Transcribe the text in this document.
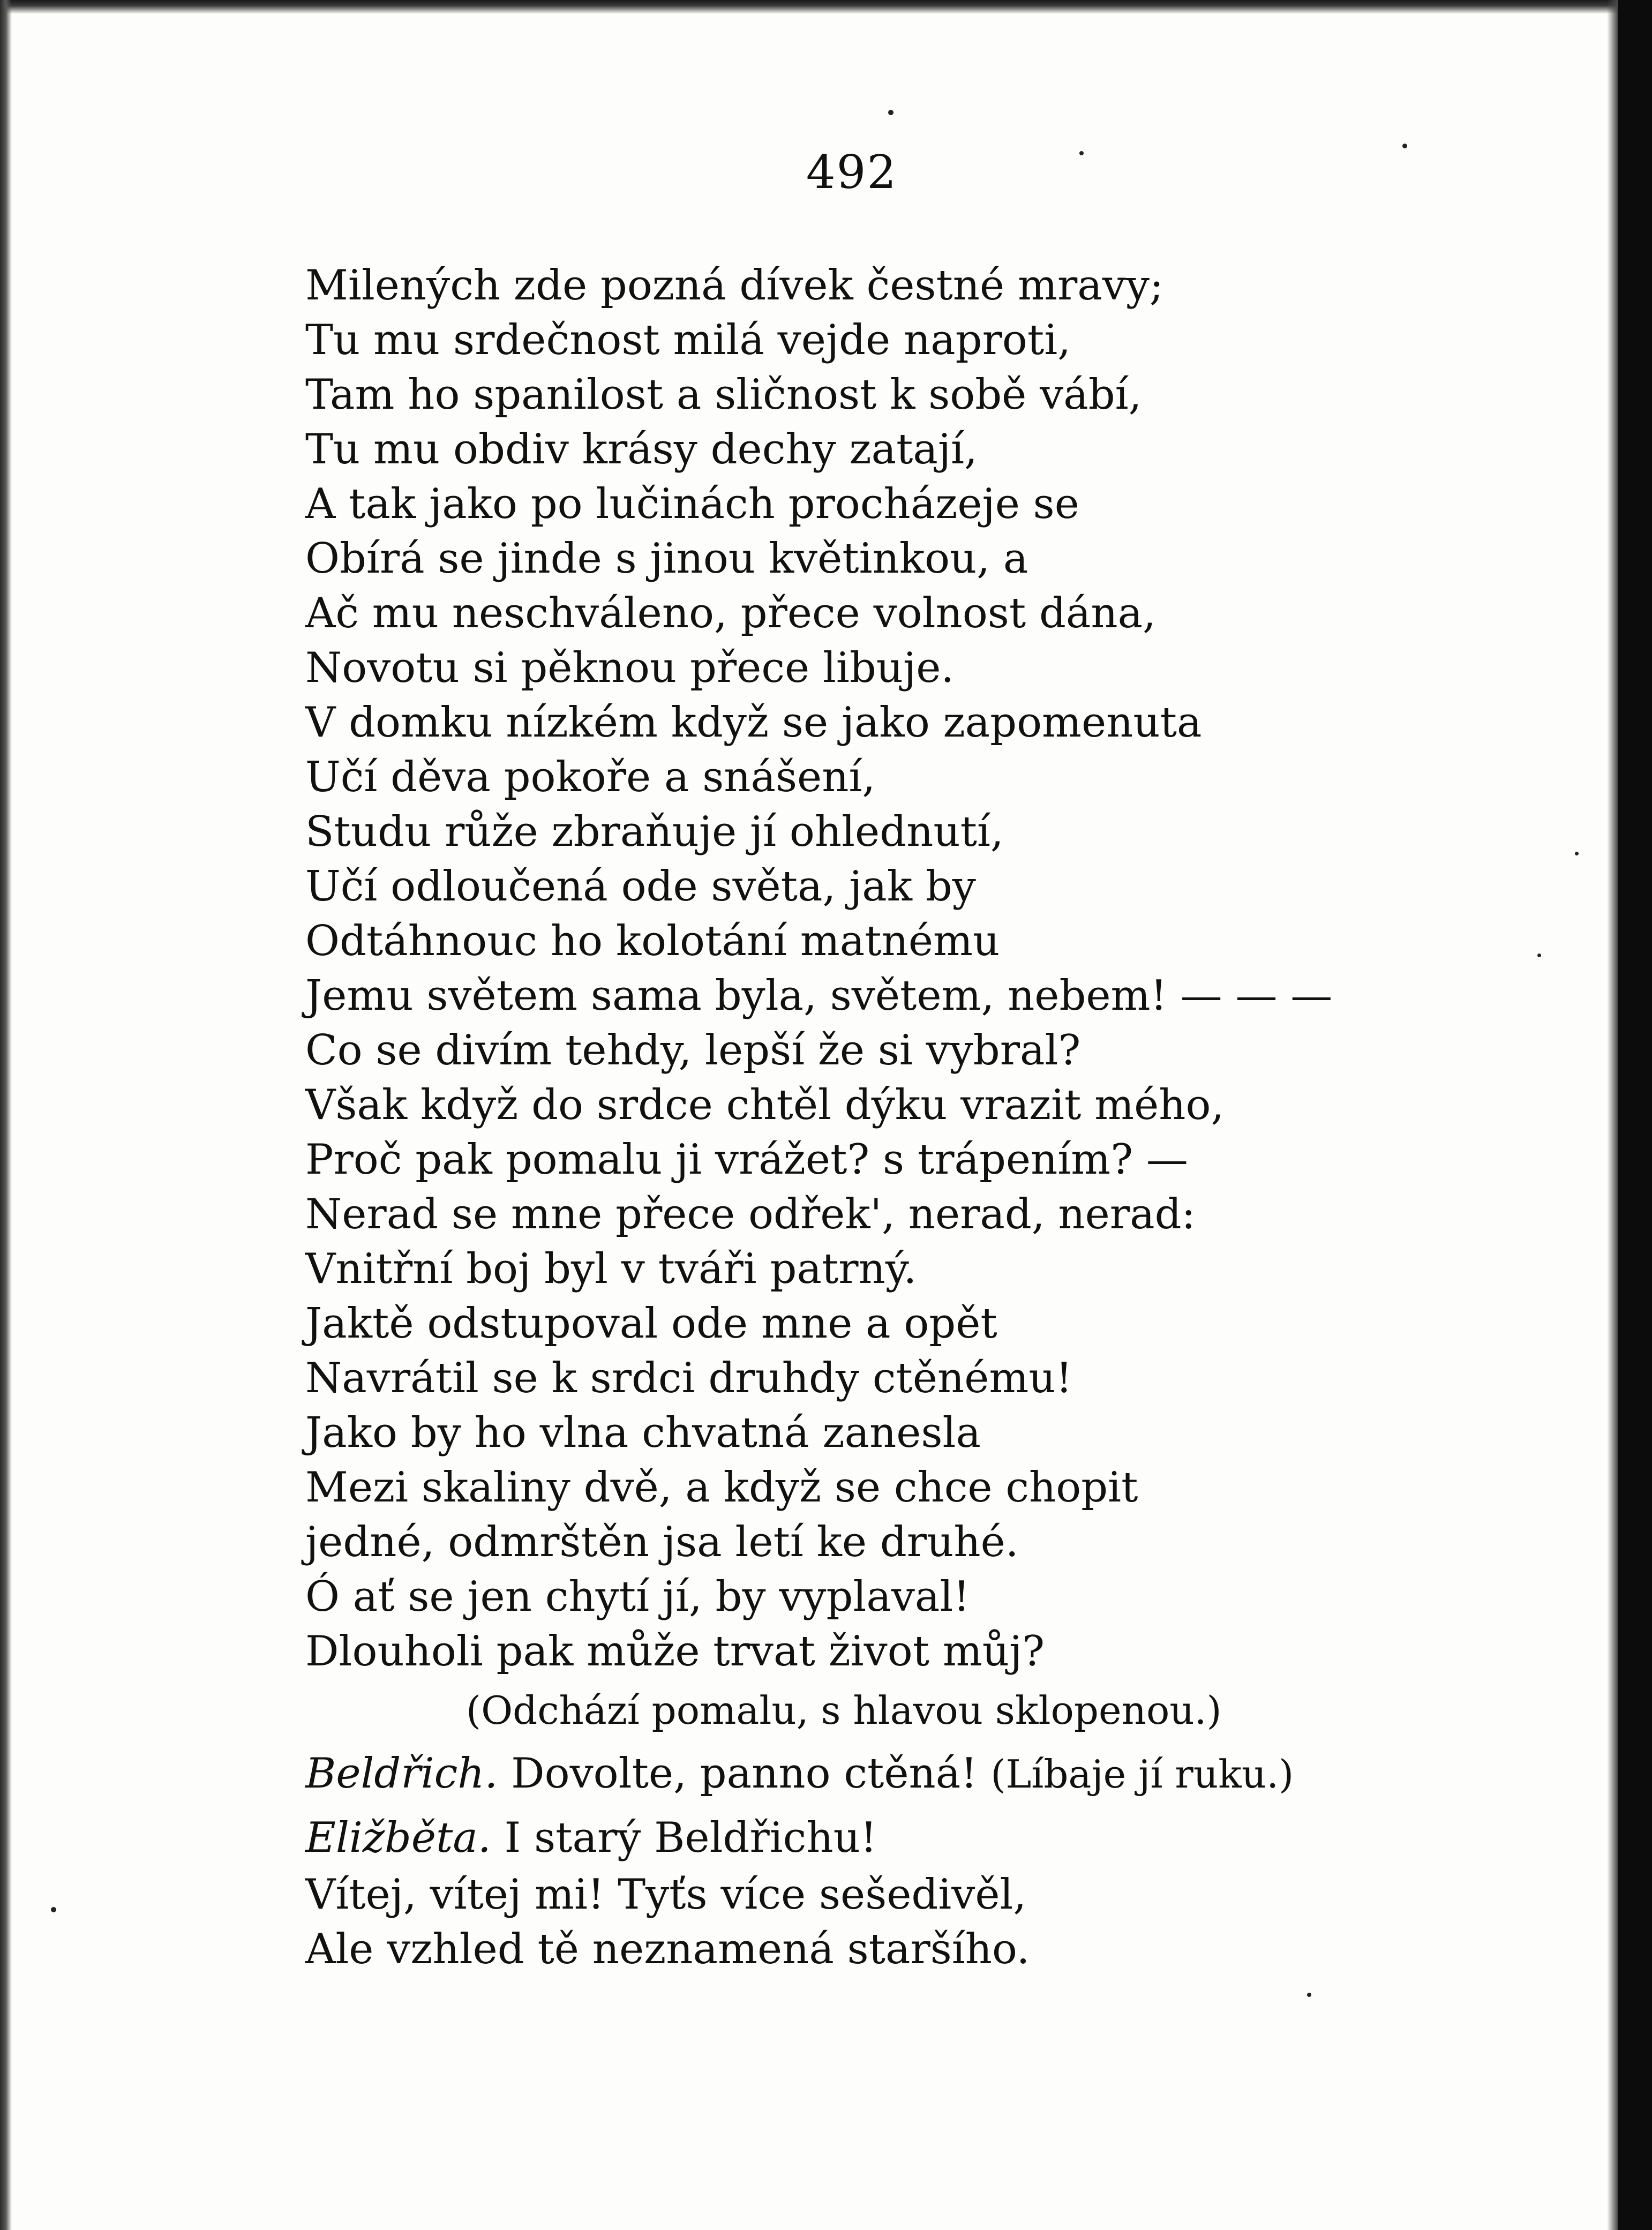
492
Milených zde pozná dívek čestné mravy;
Tu mu srdečnost milá vejde naproti,
Tam ho spanilost a sličnost k sobě vábí,
Tu mu obdiv krásy dechy zatají,
A tak jako po lučinách procházeje se
Obírá se jinde s jinou květinkou, a
Ač mu neschváleno, přece volnost dána,
Novotu si pěknou přece libuje.
V domku nízkém když se jako zapomenuta
Učí děva pokoře a snášení,
Studu růže zbraňuje jí ohlednutí,
Učí odloučená ode světa, jak by
Odtáhnouc ho kolotání matnému
Jemu světem sama byla, světem, nebem! — — —
Co se divím tehdy, lepší že si vybral?
Však když do srdce chtěl dýku vrazit mého,
Proč pak pomalu ji vrážet? s trápením? —
Nerad se mne přece odřek', nerad, nerad:
Vnitřní boj byl v tváři patrný.
Jaktě odstupoval ode mne a opět
Navrátil se k srdci druhdy ctěnému!
Jako by ho vlna chvatná zanesla
Mezi skaliny dvě, a když se chce chopit
jedné, odmrštěn jsa letí ke druhé.
Ó ať se jen chytí jí, by vyplaval!
Dlouholi pak může trvat život můj?
(Odchází pomalu, s hlavou sklopenou.)
Beldřich. Dovolte, panno ctěná! (Líbaje jí ruku.)
Eližběta. I starý Beldřichu!
Vítej, vítej mi! Tyťs více sešedivěl,
Ale vzhled tě neznamená staršího.
